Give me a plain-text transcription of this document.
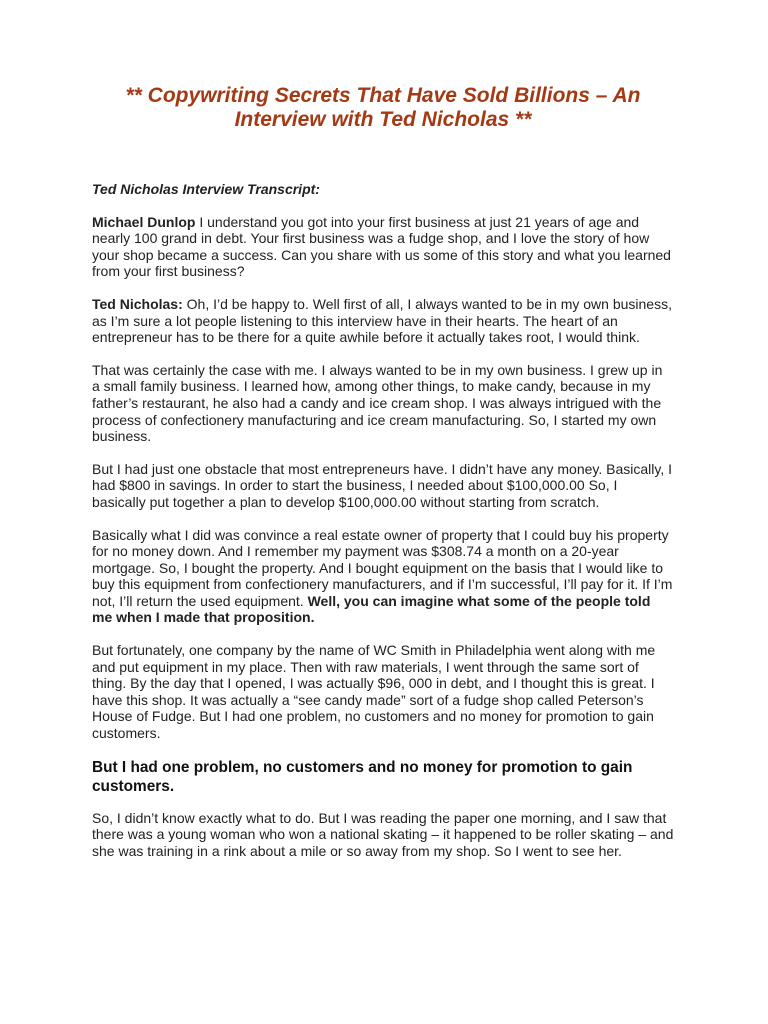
** Copywriting Secrets That Have Sold Billions – An Interview with Ted Nicholas **
Ted Nicholas Interview Transcript:

Michael Dunlop I understand you got into your first business at just 21 years of age and nearly 100 grand in debt. Your first business was a fudge shop, and I love the story of how your shop became a success. Can you share with us some of this story and what you learned from your first business?

Ted Nicholas: Oh, I’d be happy to. Well first of all, I always wanted to be in my own business, as I’m sure a lot people listening to this interview have in their hearts. The heart of an entrepreneur has to be there for a quite awhile before it actually takes root, I would think.

That was certainly the case with me. I always wanted to be in my own business. I grew up in a small family business. I learned how, among other things, to make candy, because in my father’s restaurant, he also had a candy and ice cream shop. I was always intrigued with the process of confectionery manufacturing and ice cream manufacturing. So, I started my own business.

But I had just one obstacle that most entrepreneurs have. I didn’t have any money. Basically, I had $800 in savings. In order to start the business, I needed about $100,000.00 So, I basically put together a plan to develop $100,000.00 without starting from scratch.

Basically what I did was convince a real estate owner of property that I could buy his property for no money down. And I remember my payment was $308.74 a month on a 20-year mortgage. So, I bought the property. And I bought equipment on the basis that I would like to buy this equipment from confectionery manufacturers, and if I’m successful, I’ll pay for it. If I’m not, I’ll return the used equipment. Well, you can imagine what some of the people told me when I made that proposition.

But fortunately, one company by the name of WC Smith in Philadelphia went along with me and put equipment in my place. Then with raw materials, I went through the same sort of thing. By the day that I opened, I was actually $96, 000 in debt, and I thought this is great. I have this shop. It was actually a “see candy made” sort of a fudge shop called Peterson’s House of Fudge. But I had one problem, no customers and no money for promotion to gain customers.

But I had one problem, no customers and no money for promotion to gain customers.

So, I didn’t know exactly what to do. But I was reading the paper one morning, and I saw that there was a young woman who won a national skating – it happened to be roller skating – and she was training in a rink about a mile or so away from my shop. So I went to see her.
